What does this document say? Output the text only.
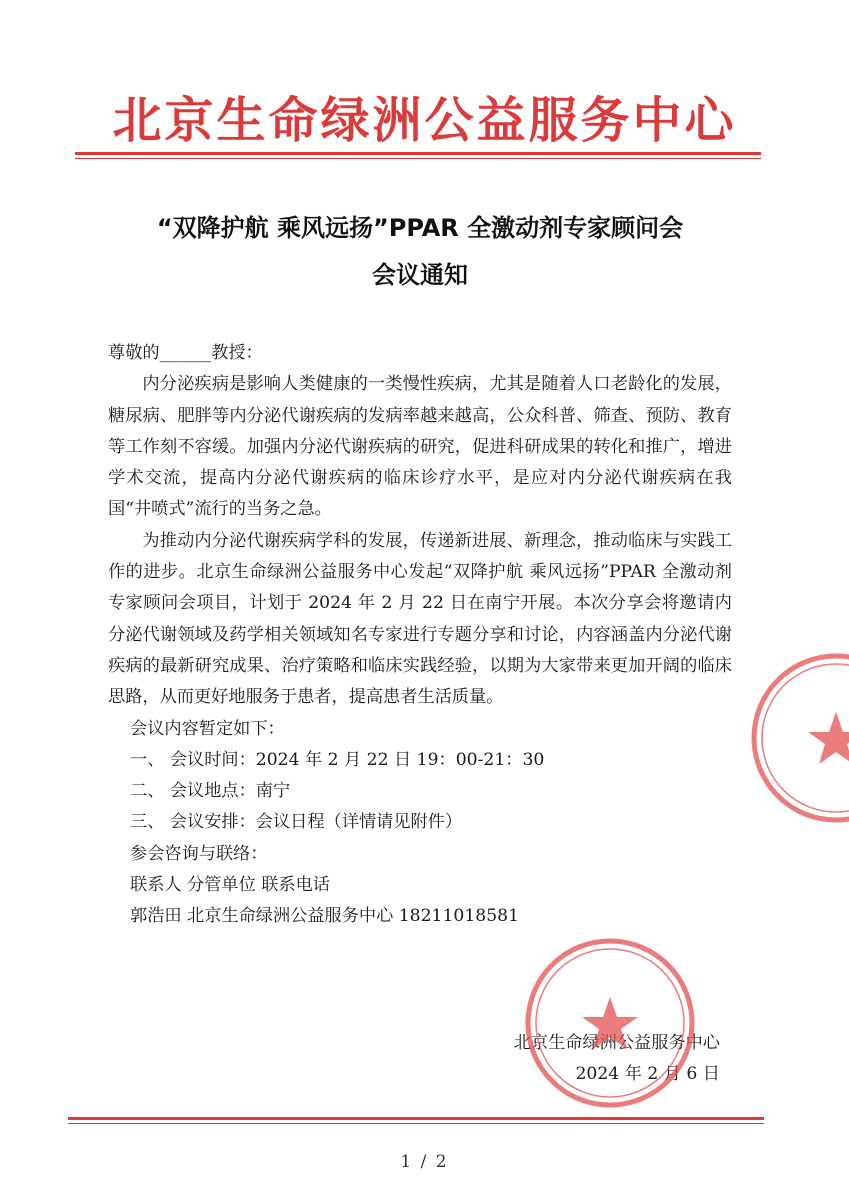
北京生命绿洲公益服务中心
“双降护航 乘风远扬”PPAR 全激动剂专家顾问会
会议通知

尊敬的______教授：

内分泌疾病是影响人类健康的一类慢性疾病，尤其是随着人口老龄化的发展，糖尿病、肥胖等内分泌代谢疾病的发病率越来越高，公众科普、筛查、预防、教育等工作刻不容缓。加强内分泌代谢疾病的研究，促进科研成果的转化和推广，增进学术交流，提高内分泌代谢疾病的临床诊疗水平，是应对内分泌代谢疾病在我国“井喷式”流行的当务之急。

为推动内分泌代谢疾病学科的发展，传递新进展、新理念，推动临床与实践工作的进步。北京生命绿洲公益服务中心发起“双降护航 乘风远扬”PPAR 全激动剂专家顾问会项目，计划于 2024 年 2 月 22 日在南宁开展。本次分享会将邀请内分泌代谢领域及药学相关领域知名专家进行专题分享和讨论，内容涵盖内分泌代谢疾病的最新研究成果、治疗策略和临床实践经验，以期为大家带来更加开阔的临床思路，从而更好地服务于患者，提高患者生活质量。

会议内容暂定如下：

一、 会议时间：2024 年 2 月 22 日 19：00-21：30

二、 会议地点：南宁

三、 会议安排：会议日程（详情请见附件）

参会咨询与联络：

联系人 分管单位 联系电话

郭浩田 北京生命绿洲公益服务中心 18211018581

北京生命绿洲公益服务中心
2024 年 2 月 6 日
1 / 2
